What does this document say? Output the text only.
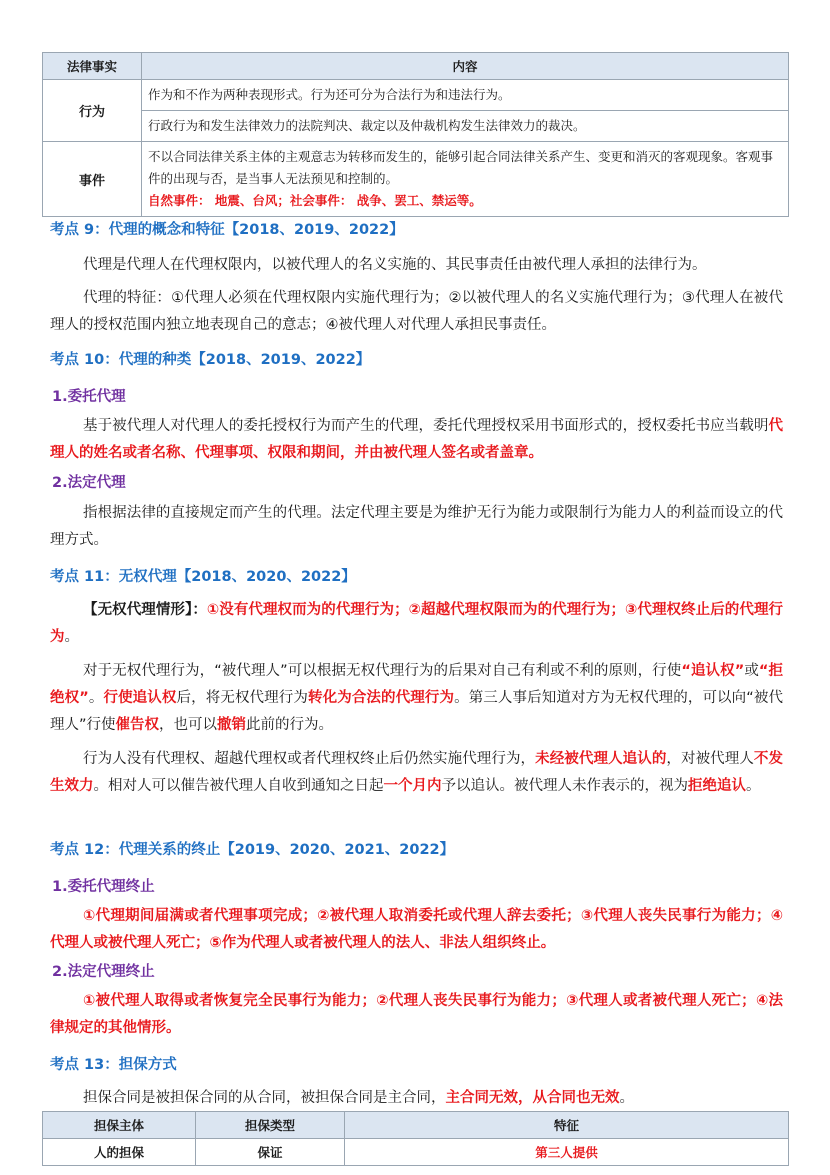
法律事实	内容
行为	作为和不作为两种表现形式。行为还可分为合法行为和违法行为。
	行政行为和发生法律效力的法院判决、裁定以及仲裁机构发生法律效力的裁决。
事件	不以合同法律关系主体的主观意志为转移而发生的，能够引起合同法律关系产生、变更和消灭的客观现象。客观事件的出现与否，是当事人无法预见和控制的。
自然事件： 地震、台风；社会事件： 战争、罢工、禁运等。
考点 9：代理的概念和特征【2018、2019、2022】

代理是代理人在代理权限内，以被代理人的名义实施的、其民事责任由被代理人承担的法律行为。

代理的特征：①代理人必须在代理权限内实施代理行为；②以被代理人的名义实施代理行为；③代理人在被代理人的授权范围内独立地表现自己的意志；④被代理人对代理人承担民事责任。

考点 10：代理的种类【2018、2019、2022】
1.委托代理

基于被代理人对代理人的委托授权行为而产生的代理，委托代理授权采用书面形式的，授权委托书应当载明代理人的姓名或者名称、代理事项、权限和期间，并由被代理人签名或者盖章。

2.法定代理

指根据法律的直接规定而产生的代理。法定代理主要是为维护无行为能力或限制行为能力人的利益而设立的代理方式。

考点 11：无权代理【2018、2020、2022】

【无权代理情形】：①没有代理权而为的代理行为；②超越代理权限而为的代理行为；③代理权终止后的代理行为。

对于无权代理行为，“被代理人”可以根据无权代理行为的后果对自己有利或不利的原则，行使“追认权”或“拒绝权”。行使追认权后，将无权代理行为转化为合法的代理行为。第三人事后知道对方为无权代理的，可以向“被代理人”行使催告权，也可以撤销此前的行为。

行为人没有代理权、超越代理权或者代理权终止后仍然实施代理行为，未经被代理人追认的，对被代理人不发生效力。相对人可以催告被代理人自收到通知之日起一个月内予以追认。被代理人未作表示的，视为拒绝追认。

考点 12：代理关系的终止【2019、2020、2021、2022】
1.委托代理终止

①代理期间届满或者代理事项完成；②被代理人取消委托或代理人辞去委托；③代理人丧失民事行为能力；④代理人或被代理人死亡；⑤作为代理人或者被代理人的法人、非法人组织终止。

2.法定代理终止

①被代理人取得或者恢复完全民事行为能力；②代理人丧失民事行为能力；③代理人或者被代理人死亡；④法律规定的其他情形。

考点 13：担保方式

担保合同是被担保合同的从合同，被担保合同是主合同，主合同无效，从合同也无效。

担保主体	担保类型	特征
人的担保	保证	第三人提供
